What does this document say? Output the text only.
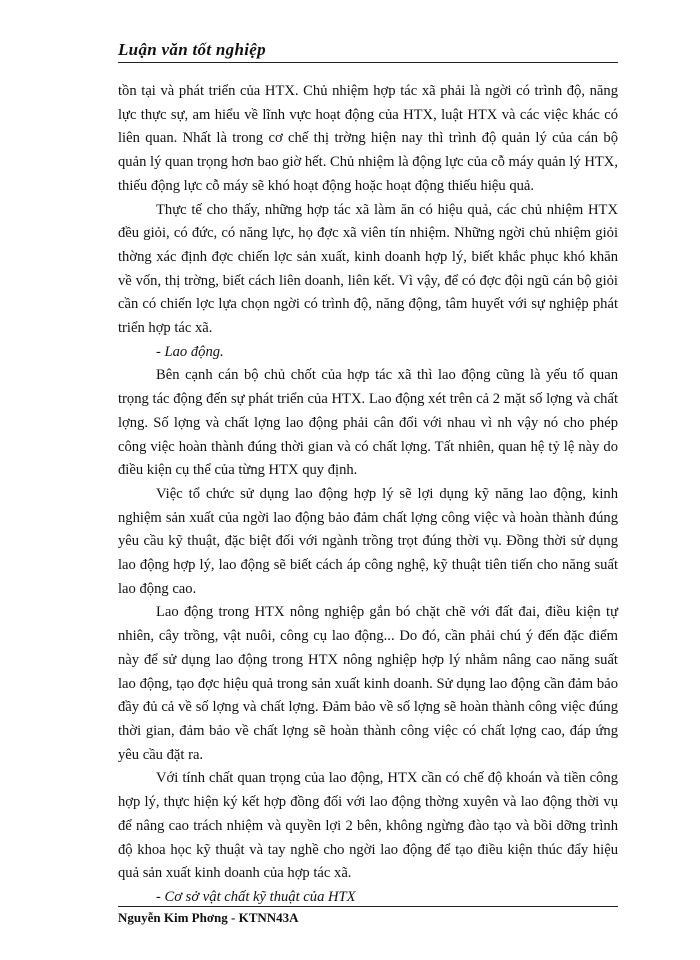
Luận văn tốt nghiệp

tồn tại và phát triển của HTX. Chủ nhiệm hợp tác xã phải là ngời có trình độ, năng lực thực sự, am hiểu về lĩnh vực hoạt động của HTX, luật HTX và các việc khác có liên quan. Nhất là trong cơ chế thị trờng hiện nay thì trình độ quản lý của cán bộ quản lý quan trọng hơn bao giờ hết. Chủ nhiệm là động lực của cỗ máy quản lý HTX, thiếu động lực cỗ máy sẽ khó hoạt động hoặc hoạt động thiếu hiệu quả.

Thực tế cho thấy, những hợp tác xã làm ăn có hiệu quả, các chủ nhiệm HTX đều giỏi, có đức, có năng lực, họ đợc xã viên tín nhiệm. Những ngời chủ nhiệm giỏi thờng xác định đợc chiến lợc sản xuất, kinh doanh hợp lý, biết khắc phục khó khăn về vốn, thị trờng, biết cách liên doanh, liên kết. Vì vậy, để có đợc đội ngũ cán bộ giỏi cần có chiến lợc lựa chọn ngời có trình độ, năng động, tâm huyết với sự nghiệp phát triển hợp tác xã.

- Lao động.

Bên cạnh cán bộ chủ chốt của hợp tác xã thì lao động cũng là yếu tố quan trọng tác động đến sự phát triển của HTX. Lao động xét trên cả 2 mặt số lợng và chất lợng. Số lợng và chất lợng lao động phải cân đối với nhau vì nh vậy nó cho phép công việc hoàn thành đúng thời gian và có chất lợng. Tất nhiên, quan hệ tỷ lệ này do điều kiện cụ thể của từng HTX quy định.

Việc tổ chức sử dụng lao động hợp lý sẽ lợi dụng kỹ năng lao động, kinh nghiệm sản xuất của ngời lao động bảo đảm chất lợng công việc và hoàn thành đúng yêu cầu kỹ thuật, đặc biệt đối với ngành trồng trọt đúng thời vụ. Đồng thời sử dụng lao động hợp lý, lao động sẽ biết cách áp công nghệ, kỹ thuật tiên tiến cho năng suất lao động cao.

Lao động trong HTX nông nghiệp gắn bó chặt chẽ với đất đai, điều kiện tự nhiên, cây trồng, vật nuôi, công cụ lao động... Do đó, cần phải chú ý đến đặc điểm này để sử dụng lao động trong HTX nông nghiệp hợp lý nhằm nâng cao năng suất lao động, tạo đợc hiệu quả trong sản xuất kinh doanh. Sử dụng lao động cần đảm bảo đầy đủ cả về số lợng và chất lợng. Đảm bảo về số lợng sẽ hoàn thành công việc đúng thời gian, đảm bảo về chất lợng sẽ hoàn thành công việc có chất lợng cao, đáp ứng yêu cầu đặt ra.

Với tính chất quan trọng của lao động, HTX cần có chế độ khoán và tiền công hợp lý, thực hiện ký kết hợp đồng đối với lao động thờng xuyên và lao động thời vụ để nâng cao trách nhiệm và quyền lợi 2 bên, không ngừng đào tạo và bồi dỡng trình độ khoa học kỹ thuật và tay nghề cho ngời lao động để tạo điều kiện thúc đẩy hiệu quả sản xuất kinh doanh của hợp tác xã.

- Cơ sở vật chất kỹ thuật của HTX

Nguyễn Kim Phơng - KTNN43A
